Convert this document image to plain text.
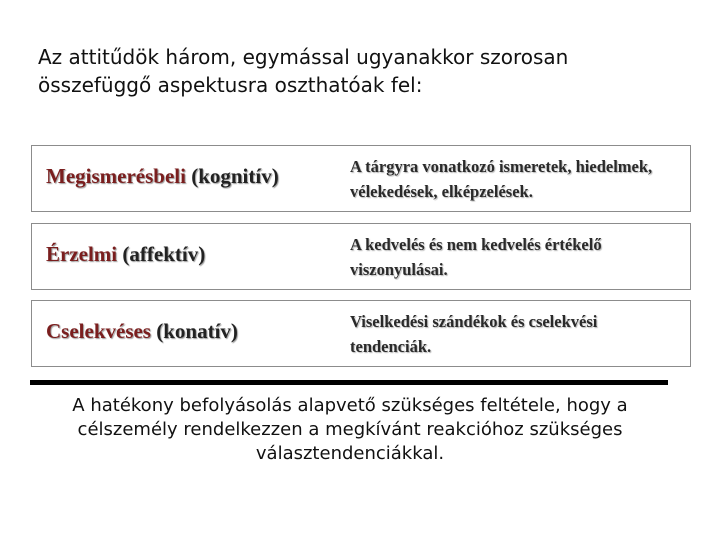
Az attitűdök három, egymással ugyanakkor szorosan összefüggő aspektusra oszthatóak fel:
Megismerésbeli (kognitív)	A tárgyra vonatkozó ismeretek, hiedelmek, vélekedések, elképzelések.
Érzelmi (affektív)	A kedvelés és nem kedvelés értékelő viszonyulásai.
Cselekvéses (konatív)	Viselkedési szándékok és cselekvési tendenciák.
A hatékony befolyásolás alapvető szükséges feltétele, hogy a célszemély rendelkezzen a megkívánt reakcióhoz szükséges választendenciákkal.
